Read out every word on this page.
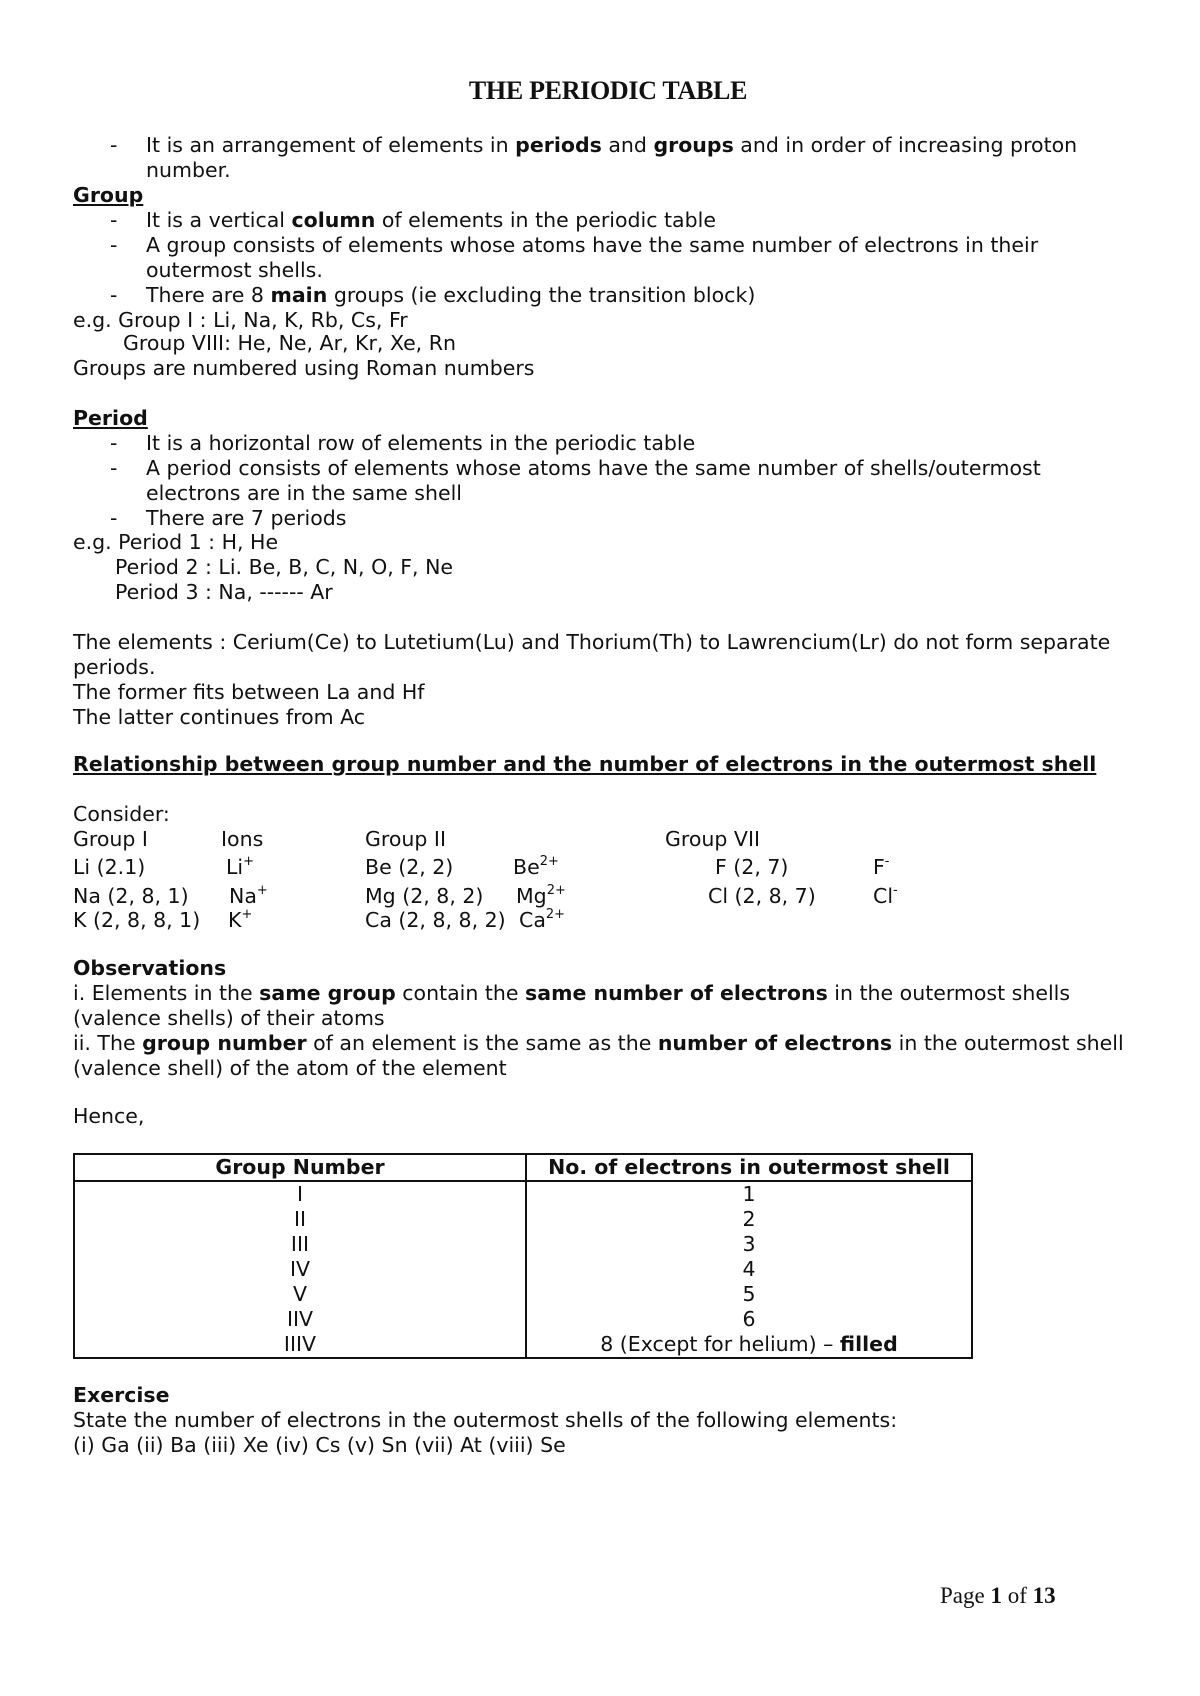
THE PERIODIC TABLE
- It is an arrangement of elements in periods and groups and in order of increasing proton
number.
Group
- It is a vertical column of elements in the periodic table
- A group consists of elements whose atoms have the same number of electrons in their
outermost shells.
- There are 8 main groups (ie excluding the transition block)
e.g. Group I : Li, Na, K, Rb, Cs, Fr
Group VIII: He, Ne, Ar, Kr, Xe, Rn
Groups are numbered using Roman numbers
Period
- It is a horizontal row of elements in the periodic table
- A period consists of elements whose atoms have the same number of shells/outermost
electrons are in the same shell
- There are 7 periods
e.g. Period 1 : H, He
Period 2 : Li. Be, B, C, N, O, F, Ne
Period 3 : Na, ------ Ar
The elements : Cerium(Ce) to Lutetium(Lu) and Thorium(Th) to Lawrencium(Lr) do not form separate
periods.
The former fits between La and Hf
The latter continues from Ac
Relationship between group number and the number of electrons in the outermost shell
Consider:
Group I	Ions	Group II	Group VII
Li (2.1)	Li+	Be (2, 2)	$Be^{2+}$	F (2, 7)	F-
Na (2, 8, 1) Na+	Mg (2, 8, 2) $Mg^{2+}$	Cl (2, 8, 7)	Cl-
K (2, 8, 8, 1) K+	Ca (2, 8, 8, 2) $Ca^{2+}$
Observations
i. Elements in the same group contain the same number of electrons in the outermost shells
(valence shells) of their atoms
ii. The group number of an element is the same as the number of electrons in the outermost shell
(valence shell) of the atom of the element
Hence,
Group Number	No. of electrons in outermost shell
I	1
II	2
III	3
IV	4
V	5
IIV	6
IIIV	8 (Except for helium) – filled
Exercise
State the number of electrons in the outermost shells of the following elements:
(i) Ga (ii) Ba (iii) Xe (iv) Cs (v) Sn (vii) At (viii) Se
Page 1 of 13
